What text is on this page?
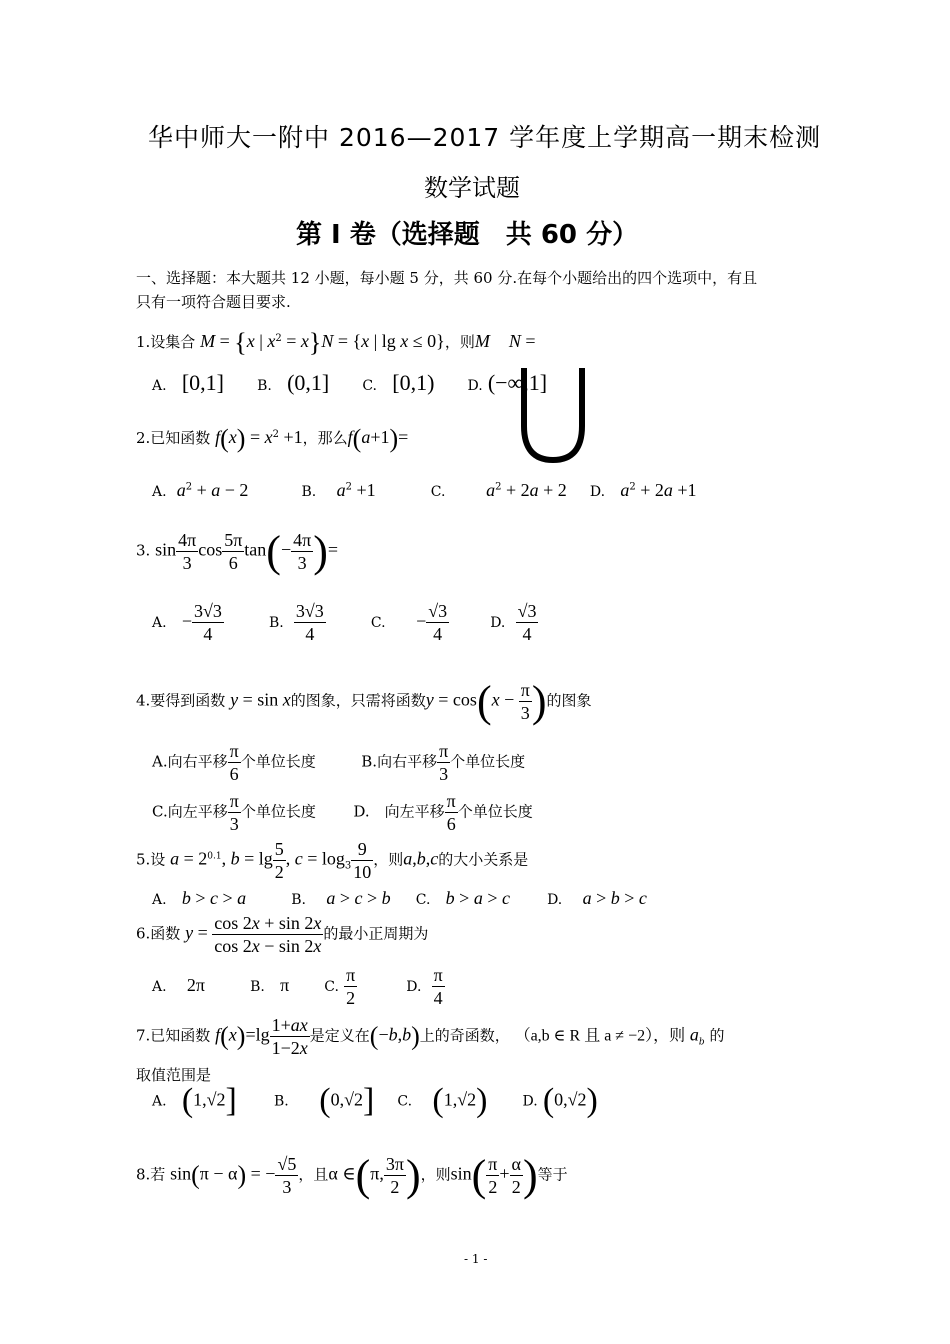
华中师大一附中 2016—2017 学年度上学期高一期末检测
数学试题
第 Ⅰ 卷（选择题　共 60 分）
一、选择题：本大题共 12 小题，每小题 5 分，共 60 分.在每个小题给出的四个选项中，有且
只有一项符合题目要求.
1.设集合 M = {x | $x^2 = x\}N = \{x$ | lg x ≤ 0}，则M N =
A. [0,1] B. (0,1] C. [0,1) D. (−∞,1]
2.已知函数 $f(x) = x^2 +1$，那么f(a+1)=
A. $a^2 + a - 2$	B. $a^2 +1$	C. $a^2 + 2a + 2$ D. $a^2 + 2a +1$
3. $\sin \frac{4\pi}{3}$ $\cos \frac{5\pi}{6} \tan(- \frac{4\pi}{3}$ )=
A. − $\frac{3√3}{4}$	B. $\frac{3√3}{4}$	C. − $\frac{√3}{4}$	D. $\frac{√3}{4}$
4.要得到函数 y = sin x的图象，只需将函数$y = \cos(x - \frac{\pi}{3}$ )的图象
A.向右平移 $\frac{\pi}{6}$ 个单位长度	B.向右平移 $\frac{\pi}{3}$ 个单位长度
C.向左平移 $\frac{\pi}{3}$ 个单位长度	D.　向左平移 $\frac{\pi}{6}$ 个单位长度
5.设 $a = 2^{0.1}$, $b = \lg \frac{5}{2}$ , $c = \log_3 \frac{9}{10}$ ，则a,b,c的大小关系是
A. b > c > a	B. a > c > b C. b > a > c	D. a > b > c
6.函数 $y = \frac{\cos 2x + \sin 2x}{\cos 2x - \sin 2x}$ 的最小正周期为
A. 2π	B. π	C. $\frac{\pi}{2}$	D. $\frac{\pi}{4}$
7.已知函数 $f(x)=\lg \frac{1+ax}{1-2x}$ 是定义在(−b,b)上的奇函数， （a,b ∈ R 且 a ≠ −2），则 $a_b$ 的
取值范围是
A. (1,√2]	B. (0,√2] C. (1,√2)	D. (0,√2)
8.若 sin(π − α) = − $\frac{√5}{3}$ ，且α ∈(π, $\frac{3\pi}{2}$ )，则$\sin( \frac{\pi}{2} + \frac{\alpha}{2}$ )等于
- 1 -
